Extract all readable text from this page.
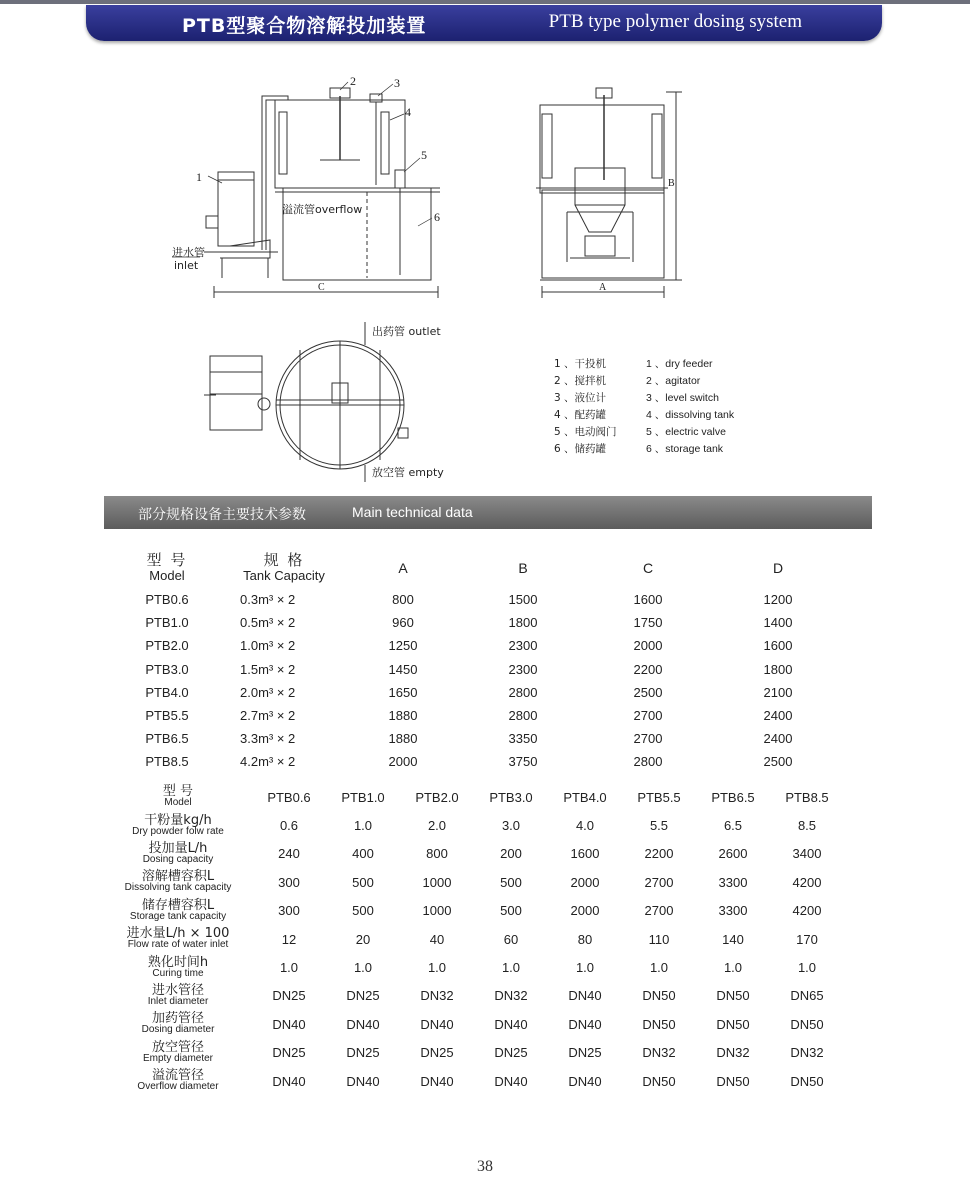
PTB型聚合物溶解投加装置	PTB type polymer dosing system
1
2	3
4
5
6
溢流管overflow
进水管
inlet
出药管 outlet
放空管 empty
C	A
B
1 、干投机	1 、dry feeder
2 、搅拌机	2 、agitator
3 、液位计	3 、level switch
4 、配药罐	4 、dissolving tank
5 、电动阀门	5 、electric valve
6 、储药罐	6 、storage tank
部分规格设备主要技术参数	Main technical data
型 号
Model
规 格
Tank Capacity	A	B	C	D
PTB0.6	0.3m³ × 2	800	1500	1600	1200
PTB1.0	0.5m³ × 2	960	1800	1750	1400
PTB2.0	1.0m³ × 2	1250	2300	2000	1600
PTB3.0	1.5m³ × 2	1450	2300	2200	1800
PTB4.0	2.0m³ × 2	1650	2800	2500	2100
PTB5.5	2.7m³ × 2	1880	2800	2700	2400
PTB6.5	3.3m³ × 2	1880	3350	2700	2400
PTB8.5	4.2m³ × 2	2000	3750	2800	2500
型 号
Model	PTB0.6	PTB1.0	PTB2.0	PTB3.0	PTB4.0	PTB5.5	PTB6.5	PTB8.5
干粉量kg/h
Dry powder folw rate	0.6	1.0	2.0	3.0	4.0	5.5	6.5	8.5
投加量L/h
Dosing capacity	240	400	800	200	1600	2200	2600	3400
溶解槽容积L
Dissolving tank capacity	300	500	1000	500	2000	2700	3300	4200
储存槽容积L
Storage tank capacity	300	500	1000	500	2000	2700	3300	4200
进水量L/h × 100
Flow rate of water inlet	12	20	40	60	80	110	140	170
熟化时间h
Curing time	1.0	1.0	1.0	1.0	1.0	1.0	1.0	1.0
进水管径
Inlet diameter	DN25	DN25	DN32	DN32	DN40	DN50	DN50	DN65
加药管径
Dosing diameter	DN40	DN40	DN40	DN40	DN40	DN50	DN50	DN50
放空管径
Empty diameter	DN25	DN25	DN25	DN25	DN25	DN32	DN32	DN32
溢流管径
Overflow diameter	DN40	DN40	DN40	DN40	DN40	DN50	DN50	DN50
38
